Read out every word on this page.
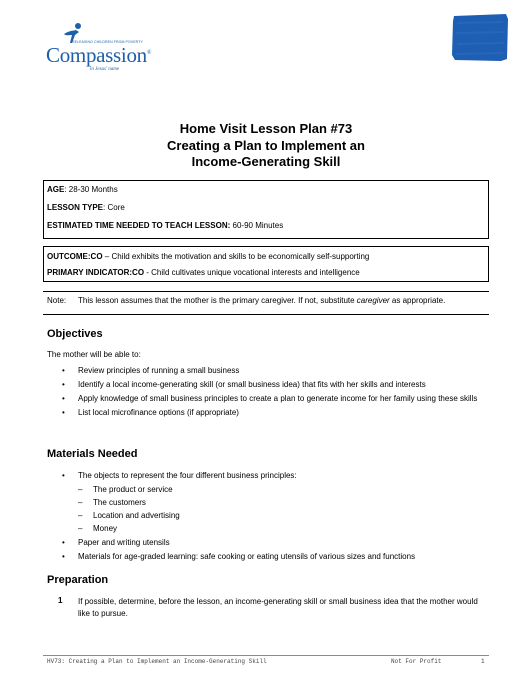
RELEASING CHILDREN FROM POVERTY
Compassion®
in Jesus' name
Home Visit Lesson Plan #73
Creating a Plan to Implement an
Income-Generating Skill
AGE: 28-30 Months
LESSON TYPE: Core
ESTIMATED TIME NEEDED TO TEACH LESSON: 60-90 Minutes
OUTCOME:CO – Child exhibits the motivation and skills to be economically self-supporting
PRIMARY INDICATOR:CO - Child cultivates unique vocational interests and intelligence
Note: This lesson assumes that the mother is the primary caregiver. If not, substitute caregiver as appropriate.
Objectives
The mother will be able to:
• Review principles of running a small business
• Identify a local income-generating skill (or small business idea) that fits with her skills and interests
• Apply knowledge of small business principles to create a plan to generate income for her family using these skills
• List local microfinance options (if appropriate)
Materials Needed
• The objects to represent the four different business principles:
– The product or service
– The customers
– Location and advertising
– Money
• Paper and writing utensils
• Materials for age-graded learning: safe cooking or eating utensils of various sizes and functions
Preparation
1 If possible, determine, before the lesson, an income-generating skill or small business idea that the mother would like to pursue.
HV73: Creating a Plan to Implement an Income-Generating Skill	Not For Profit	1
